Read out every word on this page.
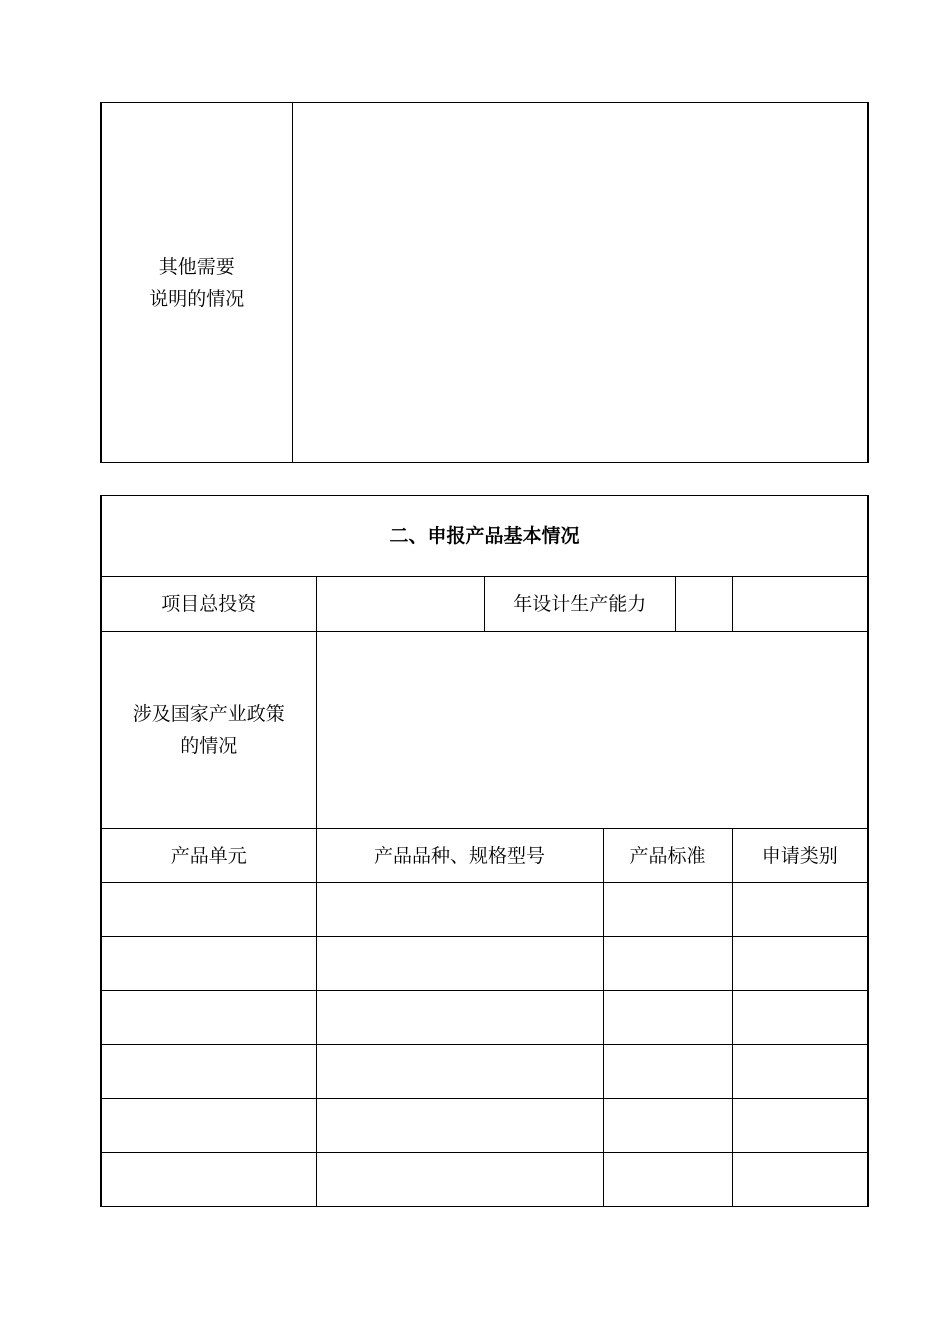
其他需要
说明的情况

二、申报产品基本情况
项目总投资			年设计生产能力	

涉及国家产业政策
的情况

产品单元	产品品种、规格型号	产品标准	申请类别
